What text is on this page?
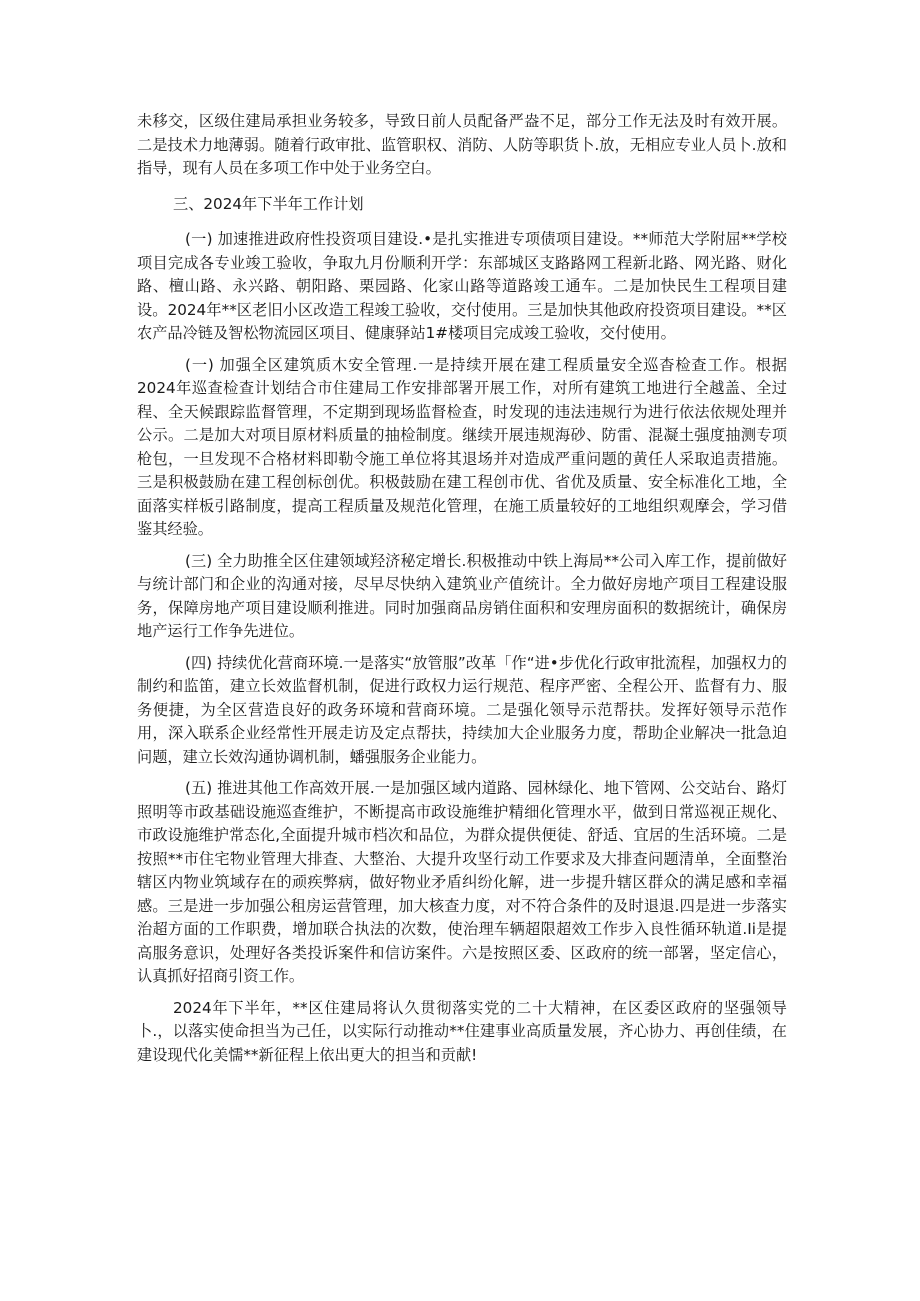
未移交，区级住建局承担业务较多，导致日前人员配备严盎不足，部分工作无法及时有效开展。二是技术力地薄弱。随着行政审批、监管职权、消防、人防等职货卜.放，无相应专业人员卜.放和指导，现有人员在多项工作中处于业务空白。

三、2024年下半年工作计划

(一) 加速推进政府性投资项目建设.•是扎实推进专项债项目建设。**师范大学附屈**学校项目完成各专业竣工验收，争取九月份顺利开学：东部城区支路路网工程新北路、网光路、财化路、檀山路、永兴路、朝阳路、栗园路、化家山路等道路竣工通车。二是加快民生工程项目建设。2024年**区老旧小区改造工程竣工验收，交付使用。三是加快其他政府投资项目建设。**区农产品冷链及智松物流园区项目、健康驿站1#楼项目完成竣工验收，交付使用。

(一) 加强全区建筑质木安全管理.一是持续开展在建工程质量安全巡杳检查工作。根据2024年巡查检查计划结合市住建局工作安排部署开展工作，对所有建筑工地进行全越盖、全过程、全天候跟踪监督管理，不定期到现场监督检查，时发现的违法违规行为进行依法依规处理并公示。二是加大对项目原材料质量的抽检制度。继续开展违规海砂、防雷、混凝土强度抽测专项枪包，一旦发现不合格材料即勒令施工单位将其退场并对造成严重问题的黄任人采取追责措施。三是积极鼓励在建工程创标创优。积极鼓励在建工程创市优、省优及质量、安全标准化工地，全面落实样板引路制度，提高工程质量及规范化管理，在施工质量较好的工地组织观摩会，学习借鉴其经验。

(三) 全力助推全区住建领域羟济秘定增长.积极推动中铁上海局**公司入库工作，提前做好与统计部门和企业的沟通对接，尽早尽快纳入建筑业产值统计。全力做好房地产项目工程建设服务，保障房地产项目建设顺利推进。同时加强商品房销住面积和安理房面积的数据统计，确保房地产运行工作争先进位。

(四) 持续优化营商环境.一是落实“放管服”改革「作“进•步优化行政审批流程，加强权力的制约和监笛，建立长效监督机制，促进行政权力运行规范、程序严密、全程公开、监督有力、服务便捷，为全区营造良好的政务环境和营商环境。二是强化领导示范帮扶。发挥好领导示范作用，深入联系企业经常性开展走访及定点帮扶，持续加大企业服务力度，帮助企业解决一批急迫问题，建立长效沟通协调机制，蟠强服务企业能力。

(五) 推进其他工作高效开展.一是加强区域内道路、园林绿化、地下管网、公交站台、路灯照明等市政基础设施巡查维护，不断提高市政设施维护精细化管理水平，做到日常巡视正规化、市政设施维护常态化,全面提升城市档次和品位，为群众提供便徒、舒适、宜居的生活环境。二是按照**市住宅物业管理大排查、大整治、大提升攻坚行动工作要求及大排查问题清单，全面整治辖区内物业筑域存在的顽疾弊病，做好物业矛盾纠纷化解，进一步提升辖区群众的满足感和幸福感。三是进一步加强公租房运营管理，加大核查力度，对不符合条件的及时退退.四是进一步落实治超方面的工作职费，增加联合执法的次数，使治理车辆超限超效工作步入良性循环轨道.Ii是提高服务意识，处理好各类投诉案件和信访案件。六是按照区委、区政府的统一部署，坚定信心，认真抓好招商引资工作。

2024年下半年，**区住建局将认久贯彻落实党的二十大精神，在区委区政府的坚强领导卜.，以落实使命担当为己任，以实际行动推动**住建事业高质量发展，齐心协力、再创佳绩，在建设现代化美懦**新征程上依出更大的担当和贡献!
